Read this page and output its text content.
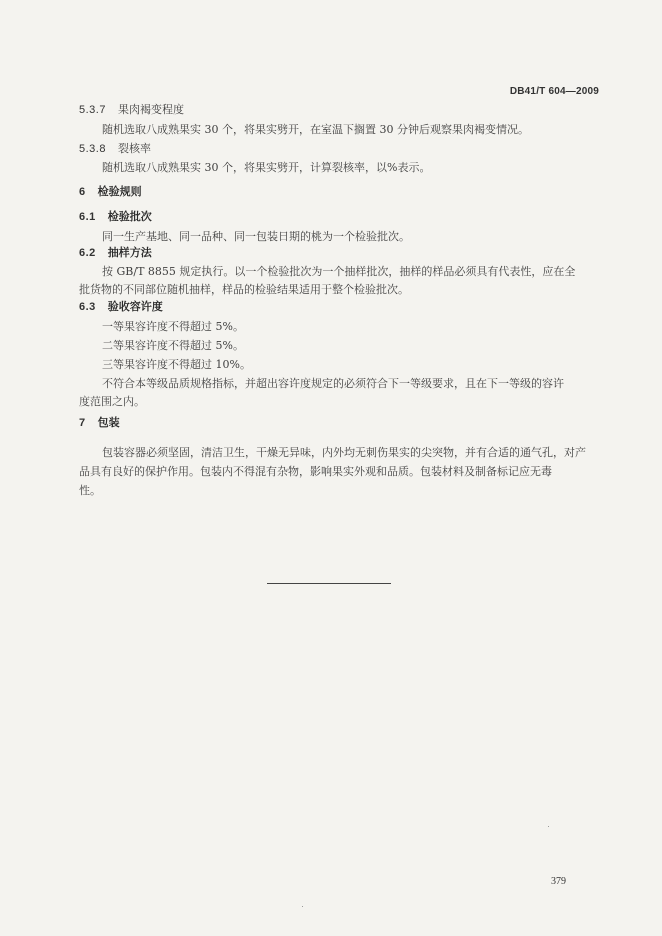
DB41/T 604—2009
5.3.7 果肉褐变程度
随机选取八成熟果实 30 个，将果实劈开，在室温下搁置 30 分钟后观察果肉褐变情况。
5.3.8 裂核率
随机选取八成熟果实 30 个，将果实劈开，计算裂核率，以%表示。
6 检验规则
6.1 检验批次
同一生产基地、同一品种、同一包装日期的桃为一个检验批次。
6.2 抽样方法
按 GB/T 8855 规定执行。以一个检验批次为一个抽样批次，抽样的样品必须具有代表性，应在全
批货物的不同部位随机抽样，样品的检验结果适用于整个检验批次。
6.3 验收容许度
一等果容许度不得超过 5%。
二等果容许度不得超过 5%。
三等果容许度不得超过 10%。
不符合本等级品质规格指标，并超出容许度规定的必须符合下一等级要求，且在下一等级的容许
度范围之内。
7 包装
包装容器必须坚固，清洁卫生，干燥无异味，内外均无刺伤果实的尖突物，并有合适的通气孔，对产
品具有良好的保护作用。包装内不得混有杂物，影响果实外观和品质。包装材料及制备标记应无毒
性。
379
